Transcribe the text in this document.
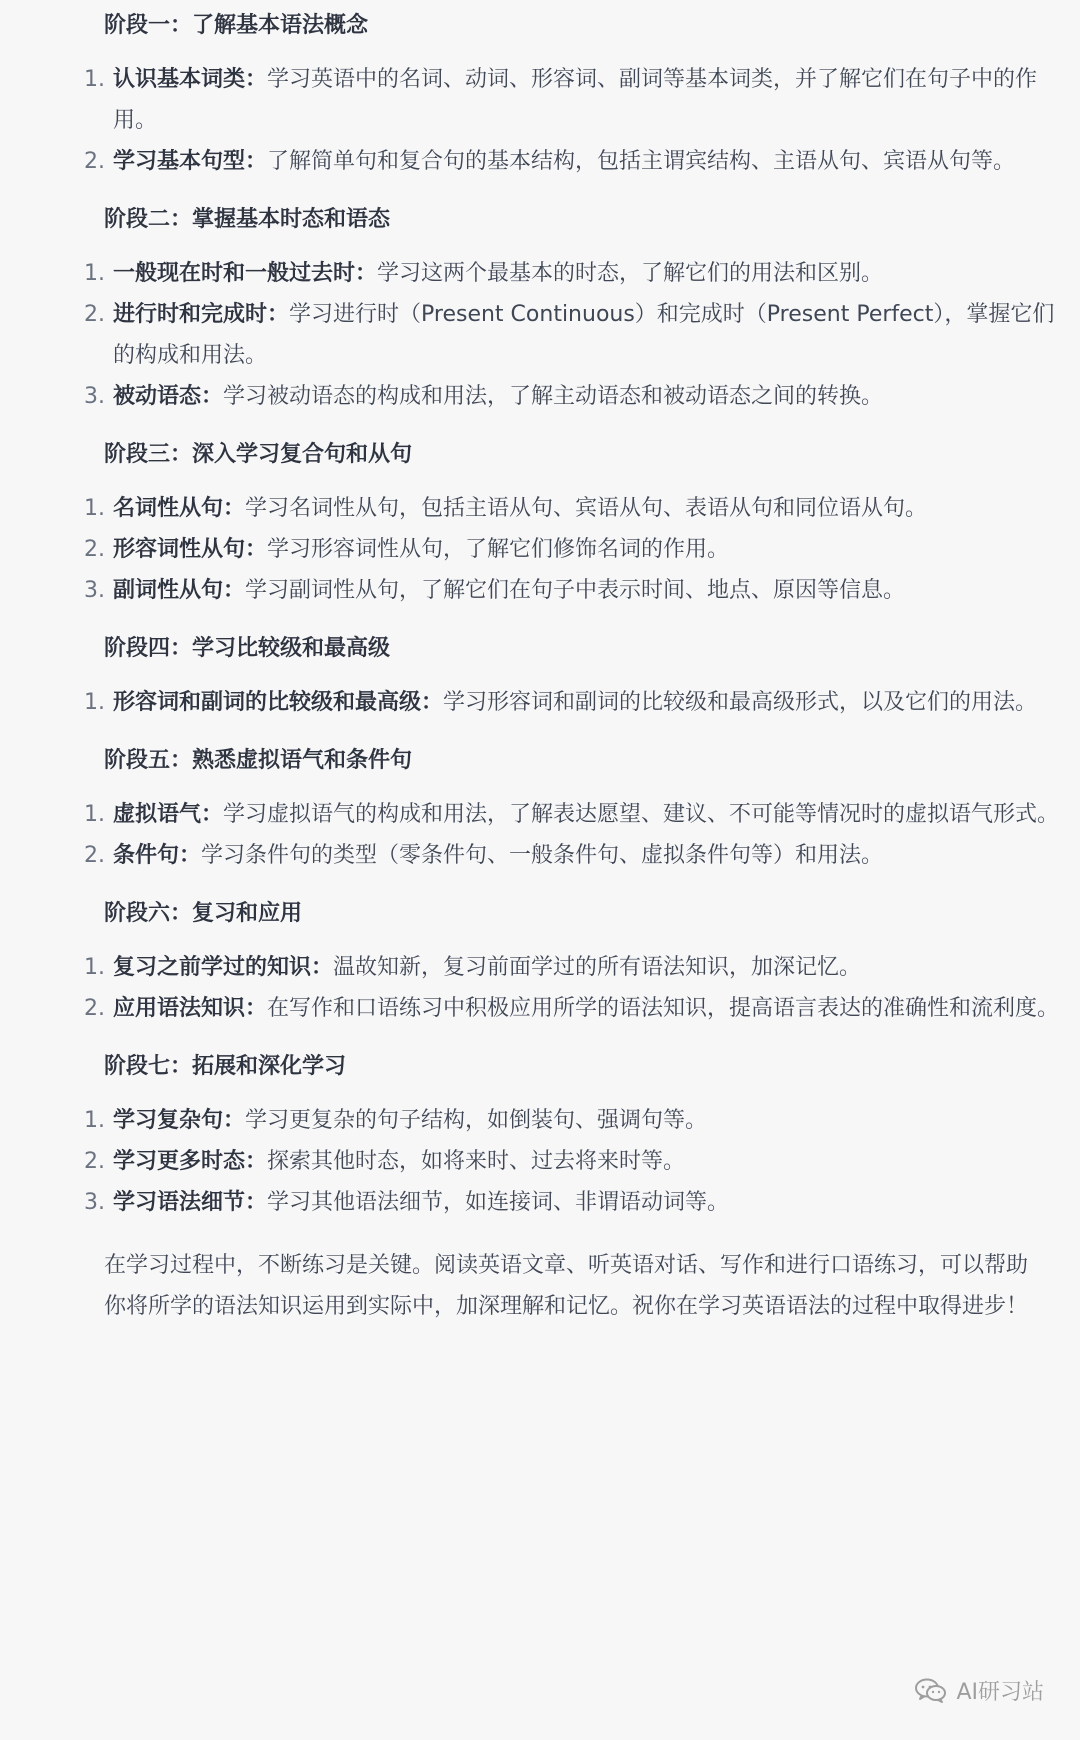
阶段一：了解基本语法概念
1. 认识基本词类：学习英语中的名词、动词、形容词、副词等基本词类，并了解它们在句子中的作用。
2. 学习基本句型：了解简单句和复合句的基本结构，包括主谓宾结构、主语从句、宾语从句等。
阶段二：掌握基本时态和语态
1. 一般现在时和一般过去时：学习这两个最基本的时态，了解它们的用法和区别。
2. 进行时和完成时：学习进行时（Present Continuous）和完成时（Present Perfect），掌握它们的构成和用法。
3. 被动语态：学习被动语态的构成和用法，了解主动语态和被动语态之间的转换。
阶段三：深入学习复合句和从句
1. 名词性从句：学习名词性从句，包括主语从句、宾语从句、表语从句和同位语从句。
2. 形容词性从句：学习形容词性从句，了解它们修饰名词的作用。
3. 副词性从句：学习副词性从句，了解它们在句子中表示时间、地点、原因等信息。
阶段四：学习比较级和最高级
1. 形容词和副词的比较级和最高级：学习形容词和副词的比较级和最高级形式，以及它们的用法。
阶段五：熟悉虚拟语气和条件句
1. 虚拟语气：学习虚拟语气的构成和用法，了解表达愿望、建议、不可能等情况时的虚拟语气形式。
2. 条件句：学习条件句的类型（零条件句、一般条件句、虚拟条件句等）和用法。
阶段六：复习和应用
1. 复习之前学过的知识：温故知新，复习前面学过的所有语法知识，加深记忆。
2. 应用语法知识：在写作和口语练习中积极应用所学的语法知识，提高语言表达的准确性和流利度。
阶段七：拓展和深化学习
1. 学习复杂句：学习更复杂的句子结构，如倒装句、强调句等。
2. 学习更多时态：探索其他时态，如将来时、过去将来时等。
3. 学习语法细节：学习其他语法细节，如连接词、非谓语动词等。

在学习过程中，不断练习是关键。阅读英语文章、听英语对话、写作和进行口语练习，可以帮助你将所学的语法知识运用到实际中，加深理解和记忆。祝你在学习英语语法的过程中取得进步！

AI研习站
